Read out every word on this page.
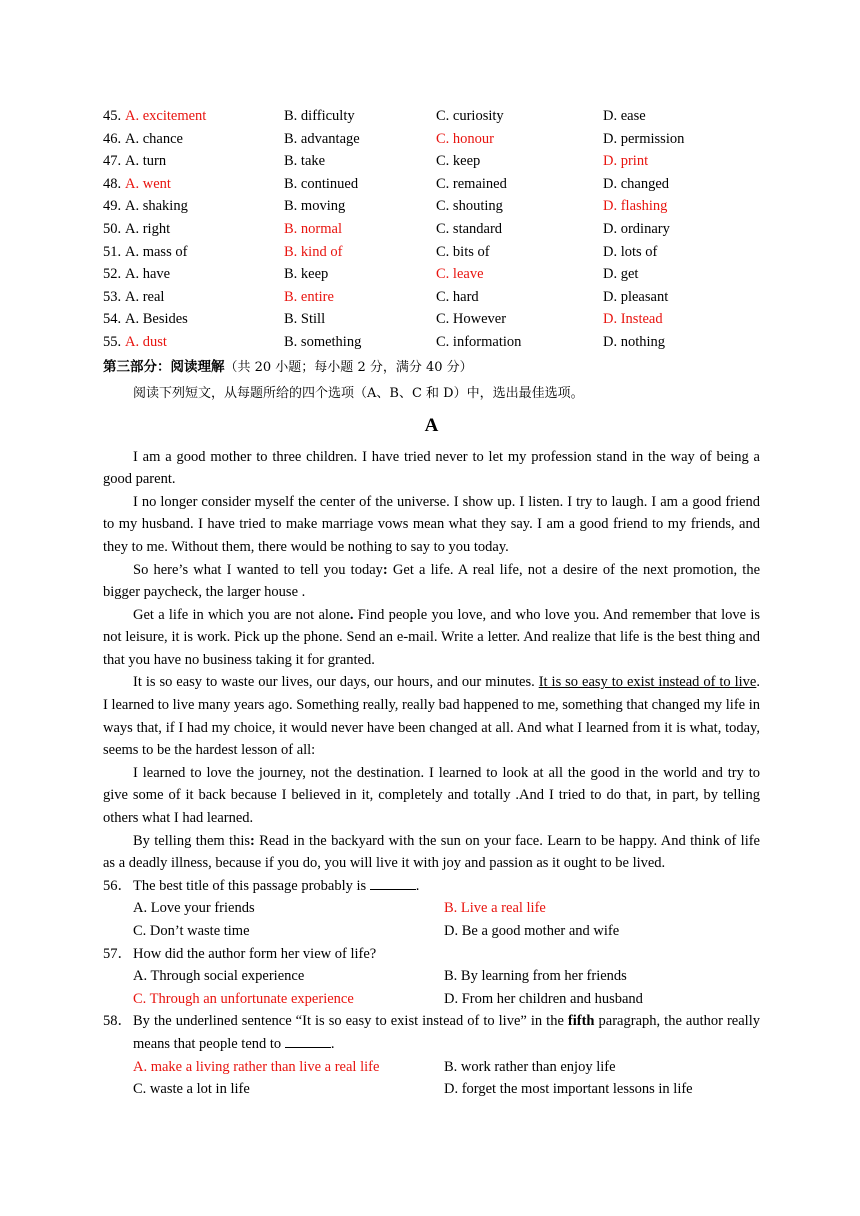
45. A. excitement	B. difficulty	C. curiosity	D. ease
46. A. chance	B. advantage	C. honour	D. permission
47. A. turn	B. take	C. keep	D. print
48. A. went	B. continued	C. remained	D. changed
49. A. shaking	B. moving	C. shouting	D. flashing
50. A. right	B. normal	C. standard	D. ordinary
51. A. mass of	B. kind of	C. bits of	D. lots of
52. A. have	B. keep	C. leave	D. get
53. A. real	B. entire	C. hard	D. pleasant
54. A. Besides	B. Still	C. However	D. Instead
55. A. dust	B. something	C. information	D. nothing
第三部分：阅读理解（共 20 小题；每小题 2 分，满分 40 分）
阅读下列短文，从每题所给的四个选项（A、B、C 和 D）中，选出最佳选项。
A

I am a good mother to three children. I have tried never to let my profession stand in the way of being a good parent.

I no longer consider myself the center of the universe. I show up. I listen. I try to laugh. I am a good friend to my husband. I have tried to make marriage vows mean what they say. I am a good friend to my friends, and they to me. Without them, there would be nothing to say to you today.

So here’s what I wanted to tell you today: Get a life. A real life, not a desire of the next promotion, the bigger paycheck, the larger house .

Get a life in which you are not alone. Find people you love, and who love you. And remember that love is not leisure, it is work. Pick up the phone. Send an e-mail. Write a letter. And realize that life is the best thing and that you have no business taking it for granted.

It is so easy to waste our lives, our days, our hours, and our minutes. It is so easy to exist instead of to live. I learned to live many years ago. Something really, really bad happened to me, something that changed my life in ways that, if I had my choice, it would never have been changed at all. And what I learned from it is what, today, seems to be the hardest lesson of all:

I learned to love the journey, not the destination. I learned to look at all the good in the world and try to give some of it back because I believed in it, completely and totally .And I tried to do that, in part, by telling others what I had learned.

By telling them this: Read in the backyard with the sun on your face. Learn to be happy. And think of life as a deadly illness, because if you do, you will live it with joy and passion as it ought to be lived.

56．The best title of this passage probably is	.
A. Love your friends	B. Live a real life
C. Don’t waste time	D. Be a good mother and wife
57．How did the author form her view of life?
A. Through social experience	B. By learning from her friends
C. Through an unfortunate experience	D. From her children and husband
58．By the underlined sentence “It is so easy to exist instead of to live” in the fifth paragraph, the author really means that people tend to	.
A. make a living rather than live a real life	B. work rather than enjoy life
C. waste a lot in life	D. forget the most important lessons in life
